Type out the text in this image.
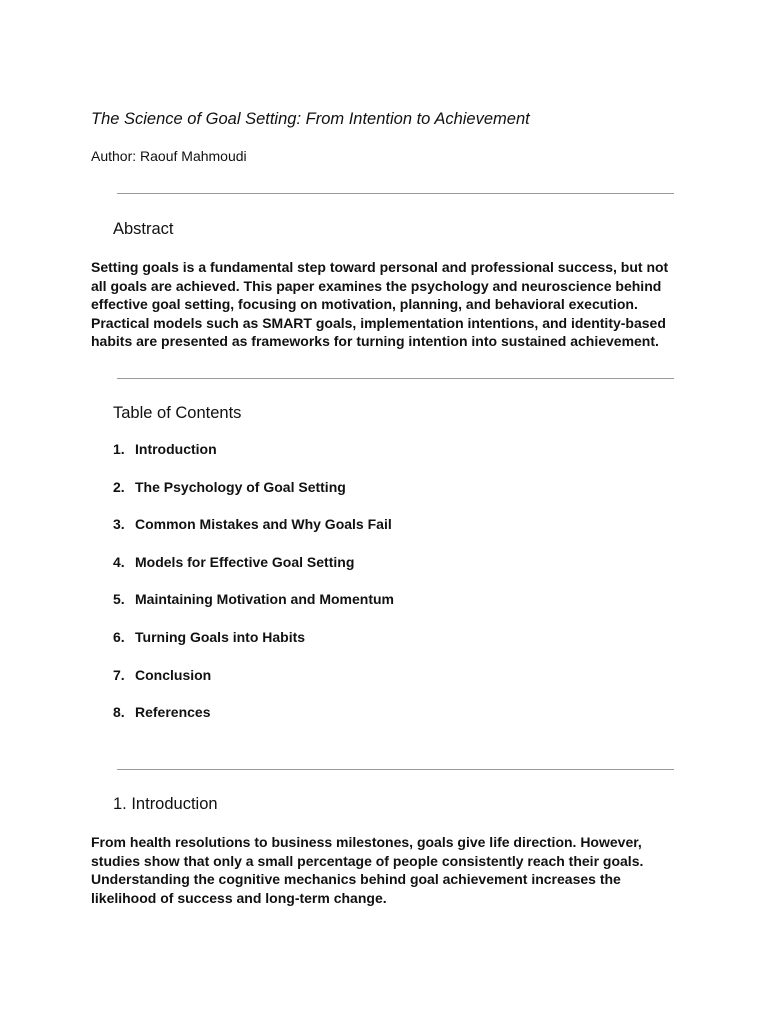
The Science of Goal Setting: From Intention to Achievement
Author: Raouf Mahmoudi
Abstract
Setting goals is a fundamental step toward personal and professional success, but not all goals are achieved. This paper examines the psychology and neuroscience behind effective goal setting, focusing on motivation, planning, and behavioral execution. Practical models such as SMART goals, implementation intentions, and identity-based habits are presented as frameworks for turning intention into sustained achievement.
Table of Contents
1. Introduction
2. The Psychology of Goal Setting
3. Common Mistakes and Why Goals Fail
4. Models for Effective Goal Setting
5. Maintaining Motivation and Momentum
6. Turning Goals into Habits
7. Conclusion
8. References
1. Introduction
From health resolutions to business milestones, goals give life direction. However, studies show that only a small percentage of people consistently reach their goals. Understanding the cognitive mechanics behind goal achievement increases the likelihood of success and long-term change.
